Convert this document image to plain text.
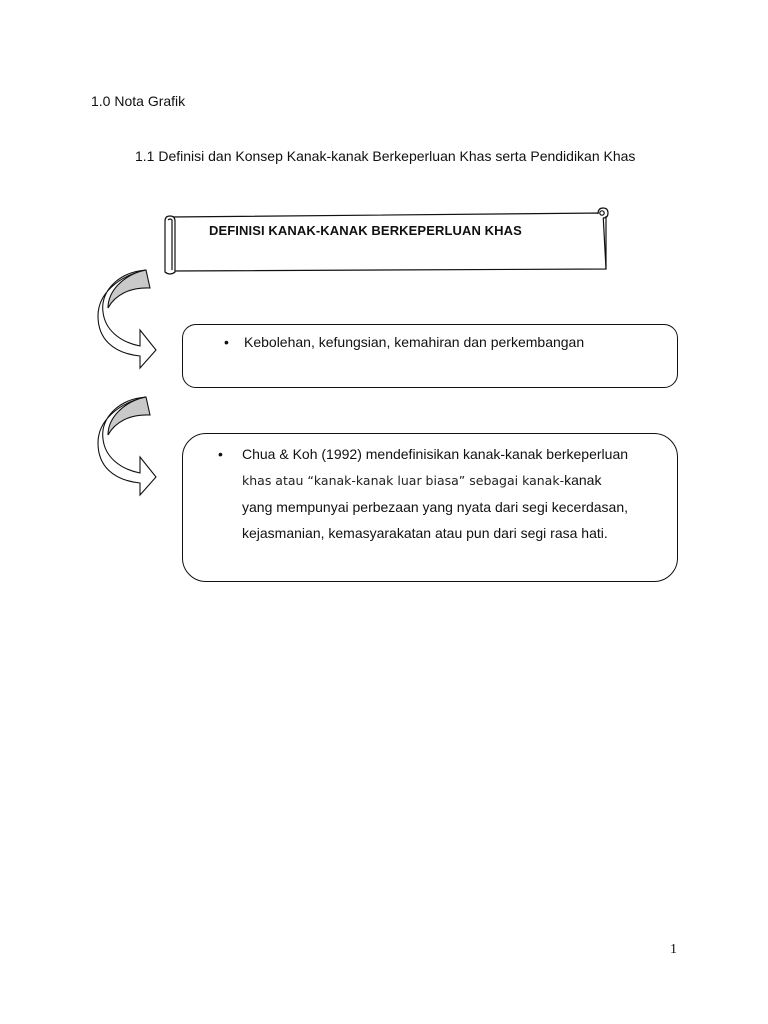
1.0 Nota Grafik
1.1 Definisi dan Konsep Kanak-kanak Berkeperluan Khas serta Pendidikan Khas
DEFINISI KANAK-KANAK BERKEPERLUAN KHAS
• Kebolehan, kefungsian, kemahiran dan perkembangan
• Chua & Koh (1992) mendefinisikan kanak-kanak berkeperluan
khas atau “kanak-kanak luar biasa” sebagai kanak-kanak
yang mempunyai perbezaan yang nyata dari segi kecerdasan,
kejasmanian, kemasyarakatan atau pun dari segi rasa hati.
1
